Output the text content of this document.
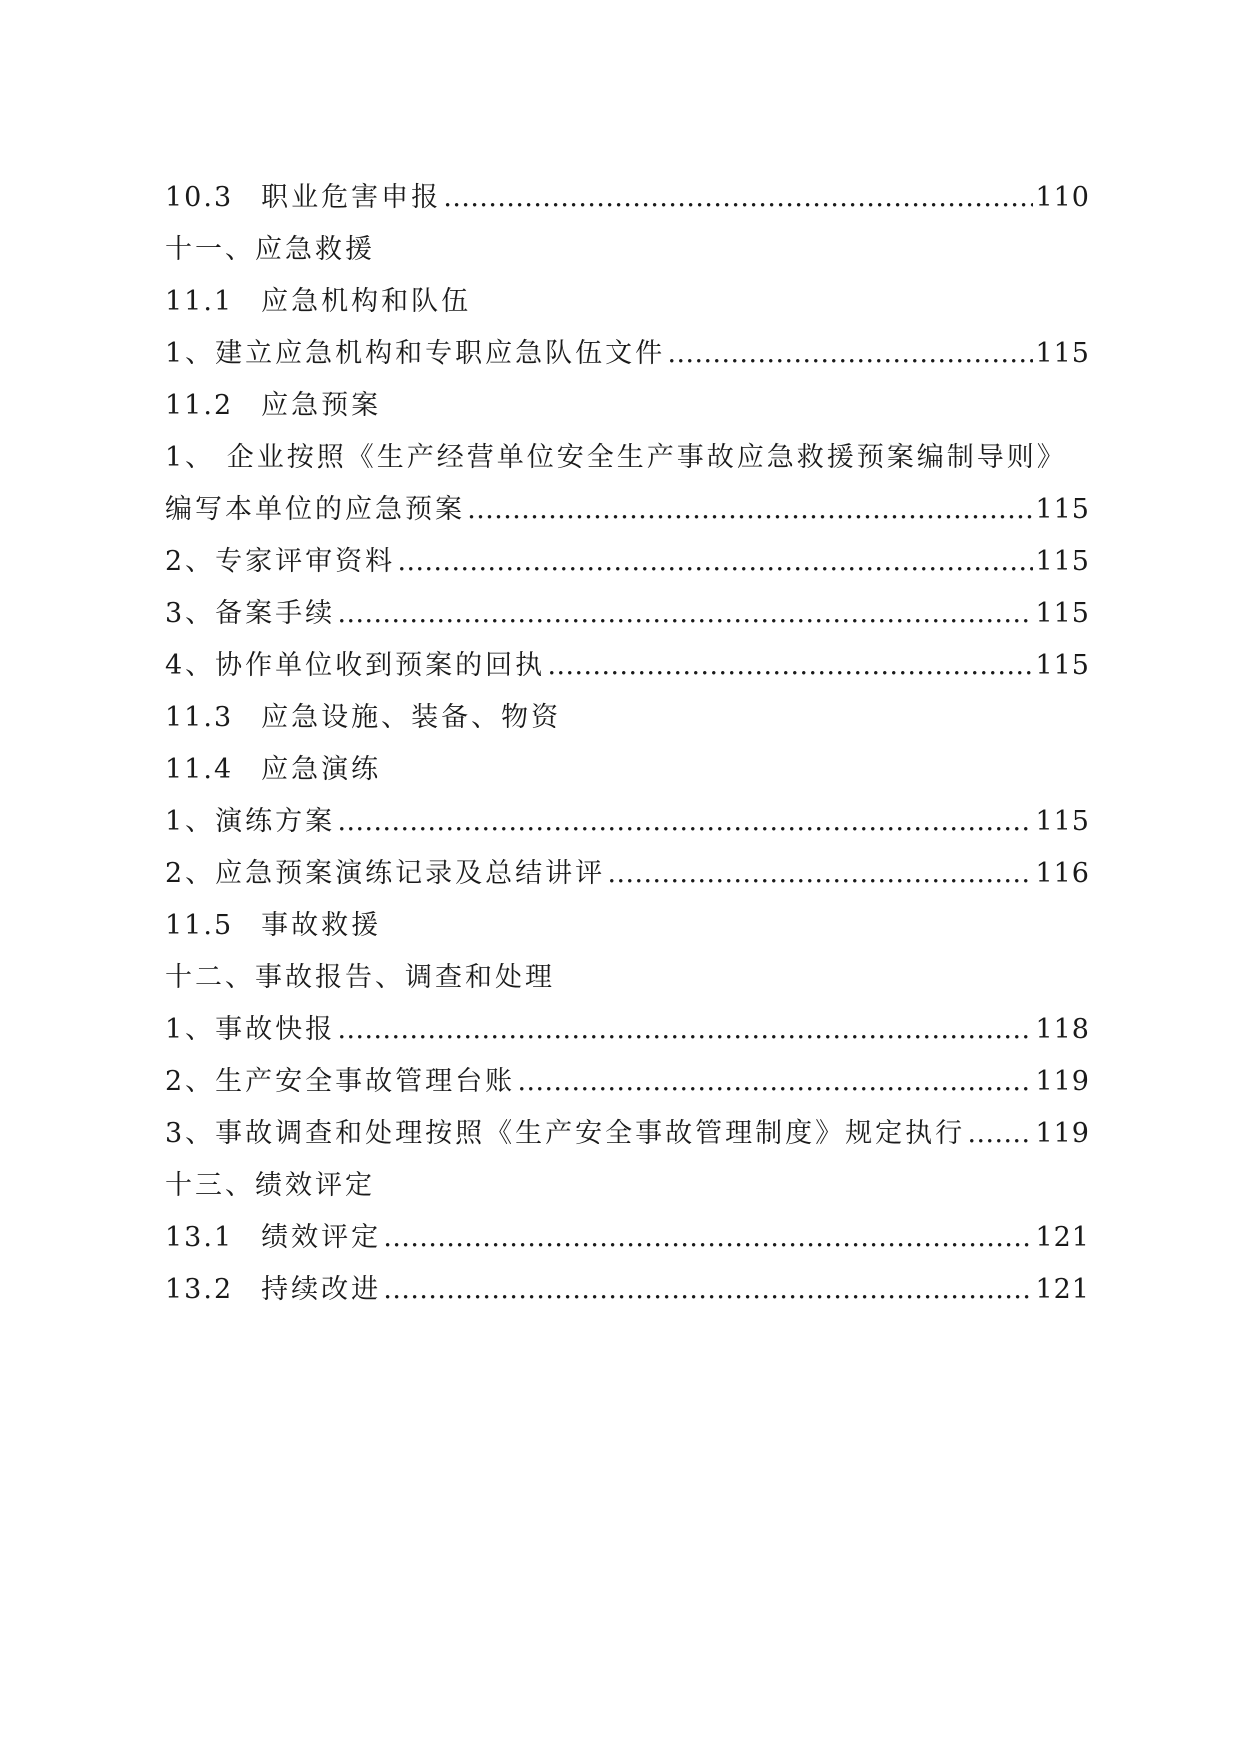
10.3 职业危害申报 …………………………………………………………………………………………………………………………………………………………………………………………………………	110
十一、应急救援
11.1 应急机构和队伍
1、建立应急机构和专职应急队伍文件 …………………………………………………………………………………………………………………………………………………………………………………………………………	115
11.2 应急预案
1、 企业按照《生产经营单位安全生产事故应急救援预案编制导则》
编写本单位的应急预案 …………………………………………………………………………………………………………………………………………………………………………………………………………	115
2、专家评审资料 …………………………………………………………………………………………………………………………………………………………………………………………………………	115
3、备案手续 …………………………………………………………………………………………………………………………………………………………………………………………………………	115
4、协作单位收到预案的回执 …………………………………………………………………………………………………………………………………………………………………………………………………………	115
11.3 应急设施、装备、物资
11.4 应急演练
1、演练方案 …………………………………………………………………………………………………………………………………………………………………………………………………………	115
2、应急预案演练记录及总结讲评 …………………………………………………………………………………………………………………………………………………………………………………………………………	116
11.5 事故救援
十二、事故报告、调查和处理
1、事故快报 …………………………………………………………………………………………………………………………………………………………………………………………………………	118
2、生产安全事故管理台账 …………………………………………………………………………………………………………………………………………………………………………………………………………	119
3、事故调查和处理按照《生产安全事故管理制度》规定执行 …………………………………………………………………………………………………………………………………………………………………………………………………………	119
十三、绩效评定
13.1 绩效评定 …………………………………………………………………………………………………………………………………………………………………………………………………………	121
13.2 持续改进 …………………………………………………………………………………………………………………………………………………………………………………………………………	121
